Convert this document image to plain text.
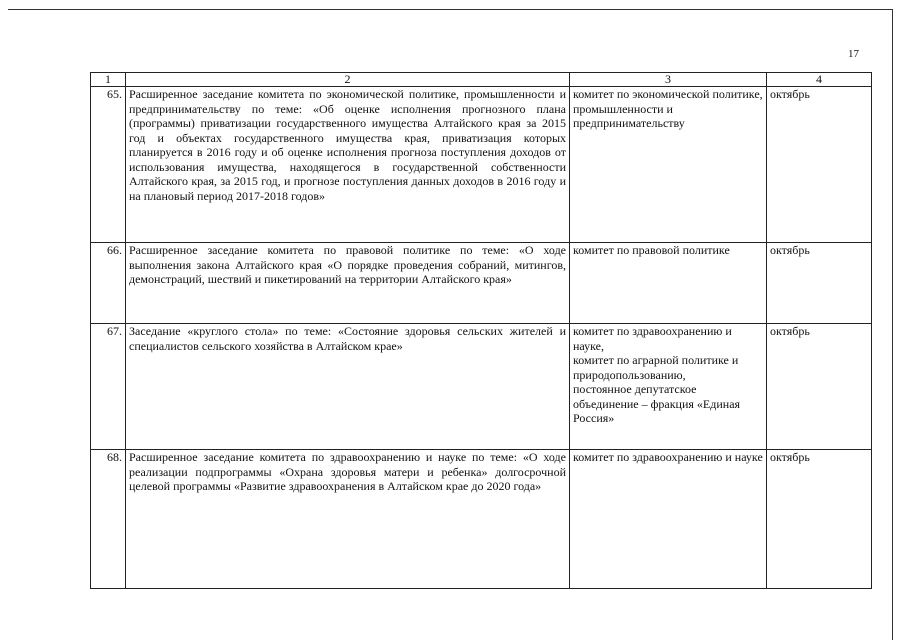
17
1	2	3	4
65.	Расширенное заседание комитета по экономической политике, промышленности и предпринимательству по теме: «Об оценке исполнения прогнозного плана (программы) приватизации государственного имущества Алтайского края за 2015 год и объектах государственного имущества края, приватизация которых планируется в 2016 году и об оценке исполнения прогноза поступления доходов от использования имущества, находящегося в государственной собственности Алтайского края, за 2015 год, и прогнозе поступления данных доходов в 2016 году и на плановый период 2017-2018 годов»	комитет по экономической политике, промышленности и предпринимательству	октябрь
66.	Расширенное заседание комитета по правовой политике по теме: «О ходе выполнения закона Алтайского края «О порядке проведения собраний, митингов, демонстраций, шествий и пикетирований на территории Алтайского края»	комитет по правовой политике	октябрь
67.	Заседание «круглого стола» по теме: «Состояние здоровья сельских жителей и специалистов сельского хозяйства в Алтайском крае»	комитет по здравоохранению и науке,
комитет по аграрной политике и природопользованию,
постоянное депутатское объединение – фракция «Единая Россия»	октябрь
68.	Расширенное заседание комитета по здравоохранению и науке по теме: «О ходе реализации подпрограммы «Охрана здоровья матери и ребенка» долгосрочной целевой программы «Развитие здравоохранения в Алтайском крае до 2020 года»	комитет по здравоохранению и науке	октябрь
